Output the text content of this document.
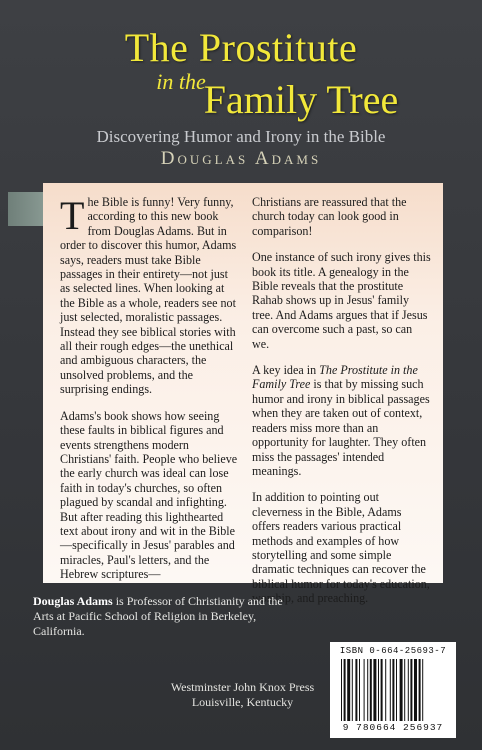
The Prostitute
in the
Family Tree
Discovering Humor and Irony in the Bible
Douglas Adams

The Bible is funny! Very funny, according to this new book from Douglas Adams. But in order to discover this humor, Adams says, readers must take Bible passages in their entirety—not just as selected lines. When looking at the Bible as a whole, readers see not just selected, moralistic passages. Instead they see biblical stories with all their rough edges—the unethical and ambiguous characters, the unsolved problems, and the surprising endings.

Adams's book shows how seeing these faults in biblical figures and events strengthens modern Christians' faith. People who believe the early church was ideal can lose faith in today's churches, so often plagued by scandal and infighting. But after reading this lighthearted text about irony and wit in the Bible—specifically in Jesus' parables and miracles, Paul's letters, and the Hebrew scriptures—

Christians are reassured that the church today can look good in comparison!

One instance of such irony gives this book its title. A genealogy in the Bible reveals that the prostitute Rahab shows up in Jesus' family tree. And Adams argues that if Jesus can overcome such a past, so can we.

A key idea in The Prostitute in the Family Tree is that by missing such humor and irony in biblical passages when they are taken out of context, readers miss more than an opportunity for laughter. They often miss the passages' intended meanings.

In addition to pointing out cleverness in the Bible, Adams offers readers various practical methods and examples of how storytelling and some simple dramatic techniques can recover the biblical humor for today's education, worship, and preaching.

Douglas Adams is Professor of Christianity and the Arts at Pacific School of Religion in Berkeley, California.
Westminster John Knox Press
Louisville, Kentucky
ISBN 0-664-25693-7
9 780664 256937
